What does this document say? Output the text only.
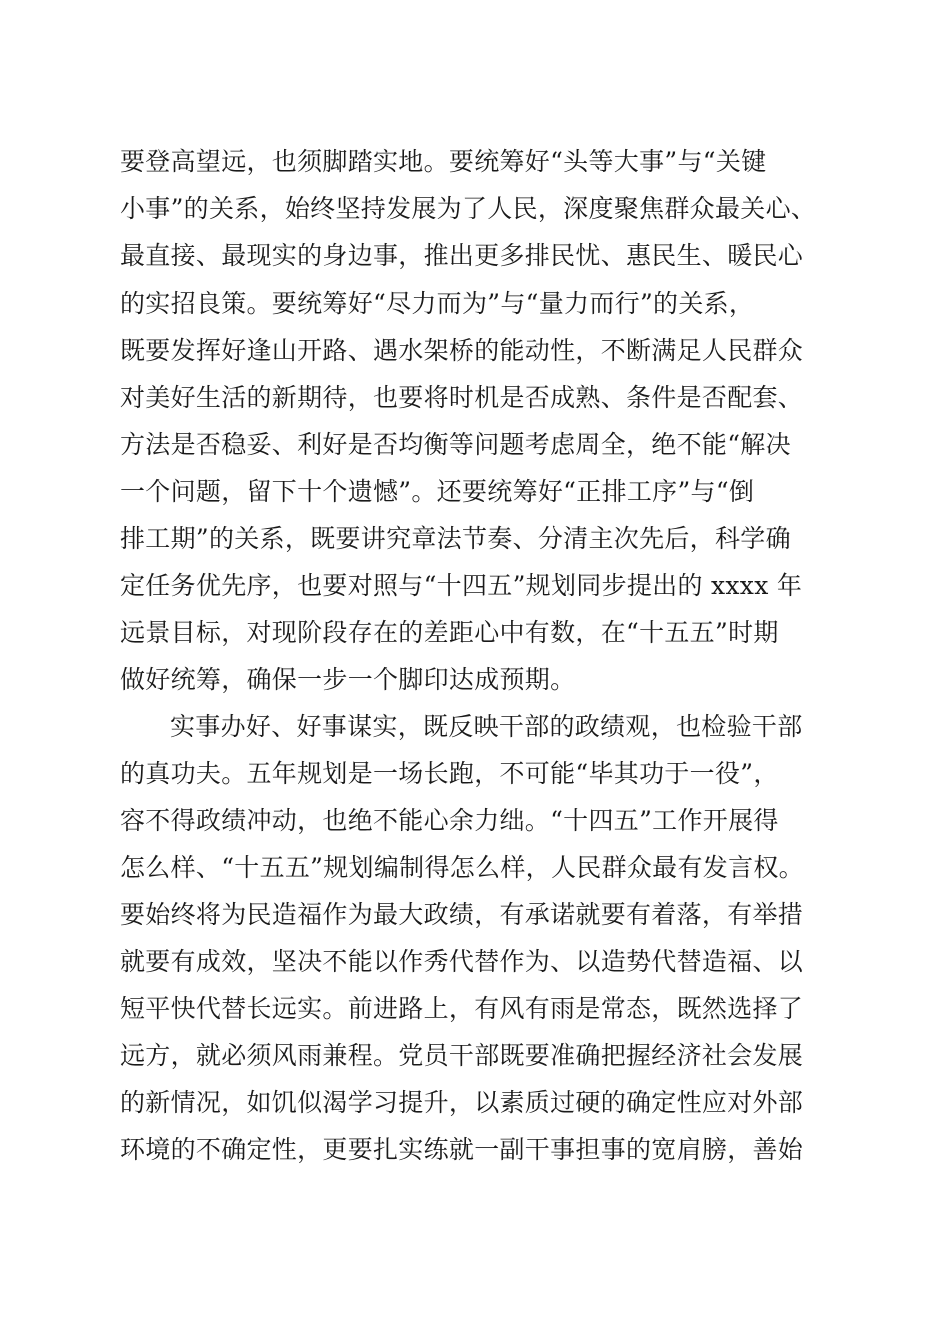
要登高望远，也须脚踏实地。要统筹好“头等大事”与“关键
小事”的关系，始终坚持发展为了人民，深度聚焦群众最关心、
最直接、最现实的身边事，推出更多排民忧、惠民生、暖民心
的实招良策。要统筹好“尽力而为”与“量力而行”的关系，
既要发挥好逢山开路、遇水架桥的能动性，不断满足人民群众
对美好生活的新期待，也要将时机是否成熟、条件是否配套、
方法是否稳妥、利好是否均衡等问题考虑周全，绝不能“解决
一个问题，留下十个遗憾”。还要统筹好“正排工序”与“倒
排工期”的关系，既要讲究章法节奏、分清主次先后，科学确
定任务优先序，也要对照与“十四五”规划同步提出的 xxxx 年
远景目标，对现阶段存在的差距心中有数，在“十五五”时期
做好统筹，确保一步一个脚印达成预期。
实事办好、好事谋实，既反映干部的政绩观，也检验干部
的真功夫。五年规划是一场长跑，不可能“毕其功于一役”，
容不得政绩冲动，也绝不能心余力绌。“十四五”工作开展得
怎么样、“十五五”规划编制得怎么样，人民群众最有发言权。
要始终将为民造福作为最大政绩，有承诺就要有着落，有举措
就要有成效，坚决不能以作秀代替作为、以造势代替造福、以
短平快代替长远实。前进路上，有风有雨是常态，既然选择了
远方，就必须风雨兼程。党员干部既要准确把握经济社会发展
的新情况，如饥似渴学习提升，以素质过硬的确定性应对外部
环境的不确定性，更要扎实练就一副干事担事的宽肩膀，善始
